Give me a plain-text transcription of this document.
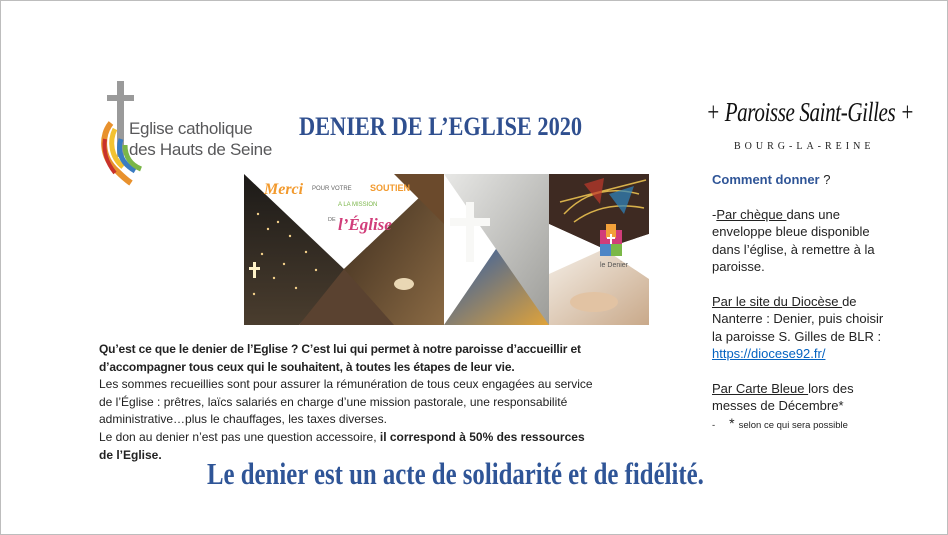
Eglise catholique
des Hauts de Seine
DENIER DE L’EGLISE 2020
Merci POUR VOTRE SOUTIEN
A LA MISSION
DE l’Église
le Denier
+ Paroisse Saint-Gilles +
BOURG-LA-REINE

Comment donner ?

-Par chèque dans une enveloppe bleue disponible dans l’église, à remettre à la paroisse.

Par le site du Diocèse de Nanterre : Denier, puis choisir la paroisse S. Gilles de BLR :
https://diocese92.fr/

Par Carte Bleue lors des messes de Décembre*

- * selon ce qui sera possible

Qu’est ce que le denier de l’Eglise ? C’est lui qui permet à notre paroisse d’accueillir et d’accompagner tous ceux qui le souhaitent, à toutes les étapes de leur vie.

Les sommes recueillies sont pour assurer la rémunération de tous ceux engagées au service de l’Église : prêtres, laïcs salariés en charge d’une mission pastorale, une responsabilité administrative…plus le chauffages, les taxes diverses.

Le don au denier n’est pas une question accessoire, il correspond à 50% des ressources de l’Eglise.

Le denier est un acte de solidarité et de fidélité.
